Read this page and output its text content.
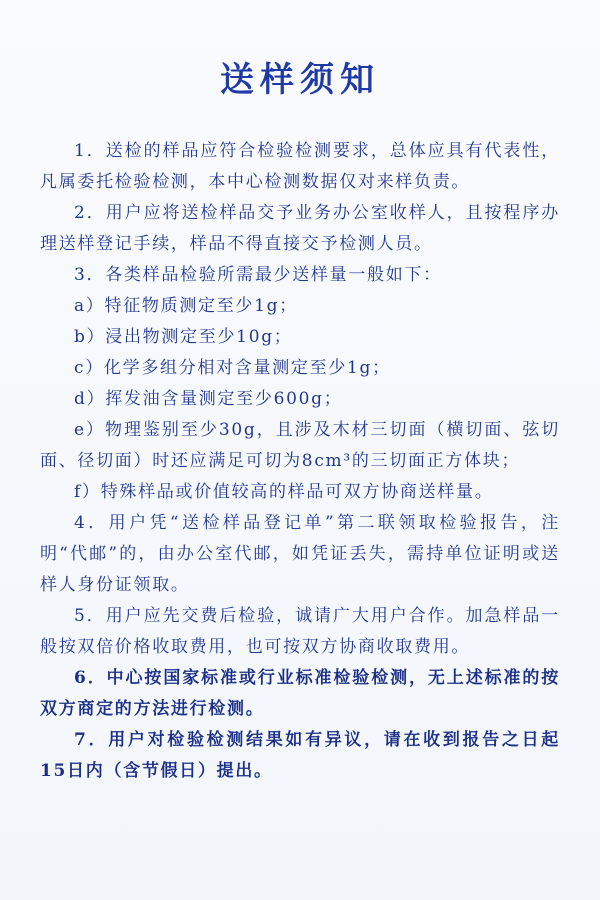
送样须知

1．送检的样品应符合检验检测要求，总体应具有代表性，凡属委托检验检测，本中心检测数据仅对来样负责。

2．用户应将送检样品交予业务办公室收样人，且按程序办理送样登记手续，样品不得直接交予检测人员。

3．各类样品检验所需最少送样量一般如下：

a）特征物质测定至少1g；

b）浸出物测定至少10g；

c）化学多组分相对含量测定至少1g；

d）挥发油含量测定至少600g；

e）物理鉴别至少30g，且涉及木材三切面（横切面、弦切面、径切面）时还应满足可切为8cm³的三切面正方体块；

f）特殊样品或价值较高的样品可双方协商送样量。

4．用户凭“送检样品登记单”第二联领取检验报告，注明“代邮”的，由办公室代邮，如凭证丢失，需持单位证明或送样人身份证领取。

5．用户应先交费后检验，诚请广大用户合作。加急样品一般按双倍价格收取费用，也可按双方协商收取费用。

6．中心按国家标准或行业标准检验检测，无上述标准的按双方商定的方法进行检测。

7．用户对检验检测结果如有异议，请在收到报告之日起15日内（含节假日）提出。
